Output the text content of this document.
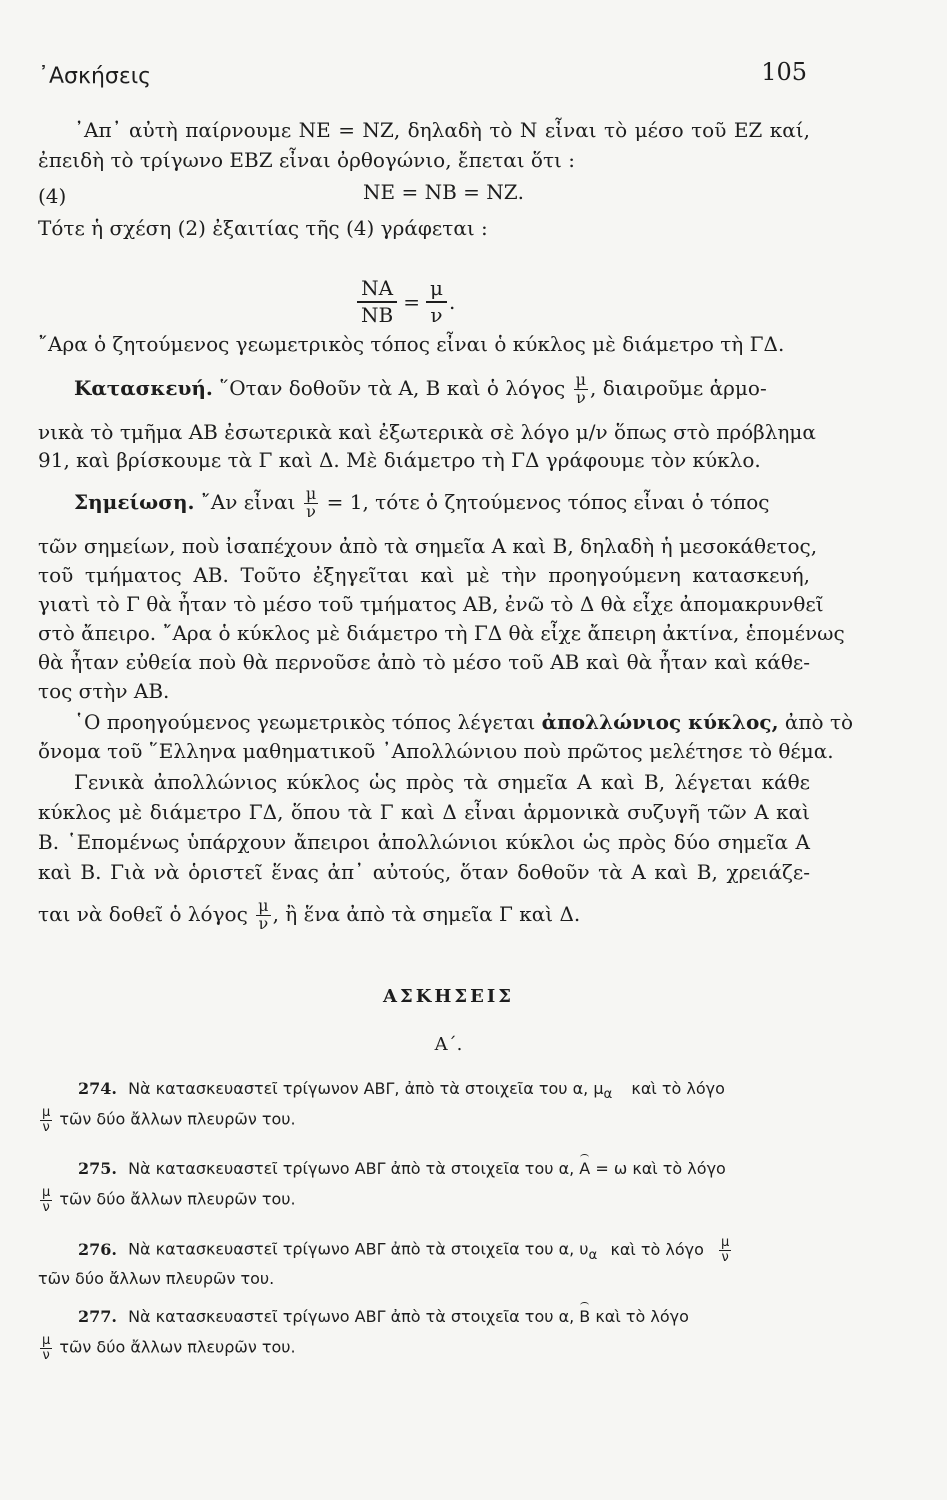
᾿Ασκήσεις	105
᾿Απ᾿ αὐτὴ παίρνουμε ΝΕ = ΝΖ, δηλαδὴ τὸ Ν εἶναι τὸ μέσο τοῦ ΕΖ καί,
ἐπειδὴ τὸ τρίγωνο ΕΒΖ εἶναι ὀρθογώνιο, ἔπεται ὅτι :
(4)	ΝΕ = ΝΒ = ΝΖ.
Τότε ἡ σχέση (2) ἐξαιτίας τῆς (4) γράφεται :
$\frac{NA}{NB} = \frac{\mu}{\nu}$ .
῎Αρα ὁ ζητούμενος γεωμετρικὸς τόπος εἶναι ὁ κύκλος μὲ διάμετρο τὴ ΓΔ.
Κατασκευή. ῞Οταν δοθοῦν τὰ Α, Β καὶ ὁ λόγος $\frac{\mu}{\nu}$ , διαιροῦμε ἁρμο-
νικὰ τὸ τμῆμα ΑΒ ἐσωτερικὰ καὶ ἐξωτερικὰ σὲ λόγο μ/ν ὅπως στὸ πρόβλημα
91, καὶ βρίσκουμε τὰ Γ καὶ Δ. Μὲ διάμετρο τὴ ΓΔ γράφουμε τὸν κύκλο.
Σημείωση. ῎Αν εἶναι $\frac{\mu}{\nu} = 1$, τότε ὁ ζητούμενος τόπος εἶναι ὁ τόπος
τῶν σημείων, ποὺ ἰσαπέχουν ἀπὸ τὰ σημεῖα Α καὶ Β, δηλαδὴ ἡ μεσοκάθετος,
τοῦ τμήματος ΑΒ. Τοῦτο ἐξηγεῖται καὶ μὲ τὴν προηγούμενη κατασκευή,
γιατὶ τὸ Γ θὰ ἦταν τὸ μέσο τοῦ τμήματος ΑΒ, ἐνῶ τὸ Δ θὰ εἶχε ἀπομακρυνθεῖ
στὸ ἄπειρο. ῎Αρα ὁ κύκλος μὲ διάμετρο τὴ ΓΔ θὰ εἶχε ἄπειρη ἀκτίνα, ἑπομένως
θὰ ἦταν εὐθεία ποὺ θὰ περνοῦσε ἀπὸ τὸ μέσο τοῦ ΑΒ καὶ θὰ ἦταν καὶ κάθε-
τος στὴν ΑΒ.
῾Ο προηγούμενος γεωμετρικὸς τόπος λέγεται ἀπολλώνιος κύκλος, ἀπὸ τὸ
ὄνομα τοῦ ῞Ελληνα μαθηματικοῦ ᾿Απολλώνιου ποὺ πρῶτος μελέτησε τὸ θέμα.
Γενικὰ ἀπολλώνιος κύκλος ὡς πρὸς τὰ σημεῖα Α καὶ Β, λέγεται κάθε
κύκλος μὲ διάμετρο ΓΔ, ὅπου τὰ Γ καὶ Δ εἶναι ἁρμονικὰ συζυγῆ τῶν Α καὶ
Β. ῾Επομένως ὑπάρχουν ἄπειροι ἀπολλώνιοι κύκλοι ὡς πρὸς δύο σημεῖα Α
καὶ Β. Γιὰ νὰ ὁριστεῖ ἕνας ἀπ᾿ αὐτούς, ὅταν δοθοῦν τὰ Α καὶ Β, χρειάζε-
ται νὰ δοθεῖ ὁ λόγος $\frac{\mu}{\nu}$ , ἢ ἕνα ἀπὸ τὰ σημεῖα Γ καὶ Δ.
ΑΣΚΗΣΕΙΣ
Α΄.
274. Νὰ κατασκευαστεῖ τρίγωνον ΑΒΓ, ἀπὸ τὰ στοιχεῖα του α, $\mu_\alpha$ καὶ τὸ λόγο
$\frac{\mu}{\nu}$ τῶν δύο ἄλλων πλευρῶν του.
275. Νὰ κατασκευαστεῖ τρίγωνο ΑΒΓ ἀπὸ τὰ στοιχεῖα του α, Α = ω καὶ τὸ λόγο
$\frac{\mu}{\nu}$ τῶν δύο ἄλλων πλευρῶν του.
276. Νὰ κατασκευαστεῖ τρίγωνο ΑΒΓ ἀπὸ τὰ στοιχεῖα του α, $\upsilon_\alpha$ καὶ τὸ λόγο $\frac{\mu}{\nu}$
τῶν δύο ἄλλων πλευρῶν του.
277. Νὰ κατασκευαστεῖ τρίγωνο ΑΒΓ ἀπὸ τὰ στοιχεῖα του α, Β καὶ τὸ λόγο
$\frac{\mu}{\nu}$ τῶν δύο ἄλλων πλευρῶν του.
